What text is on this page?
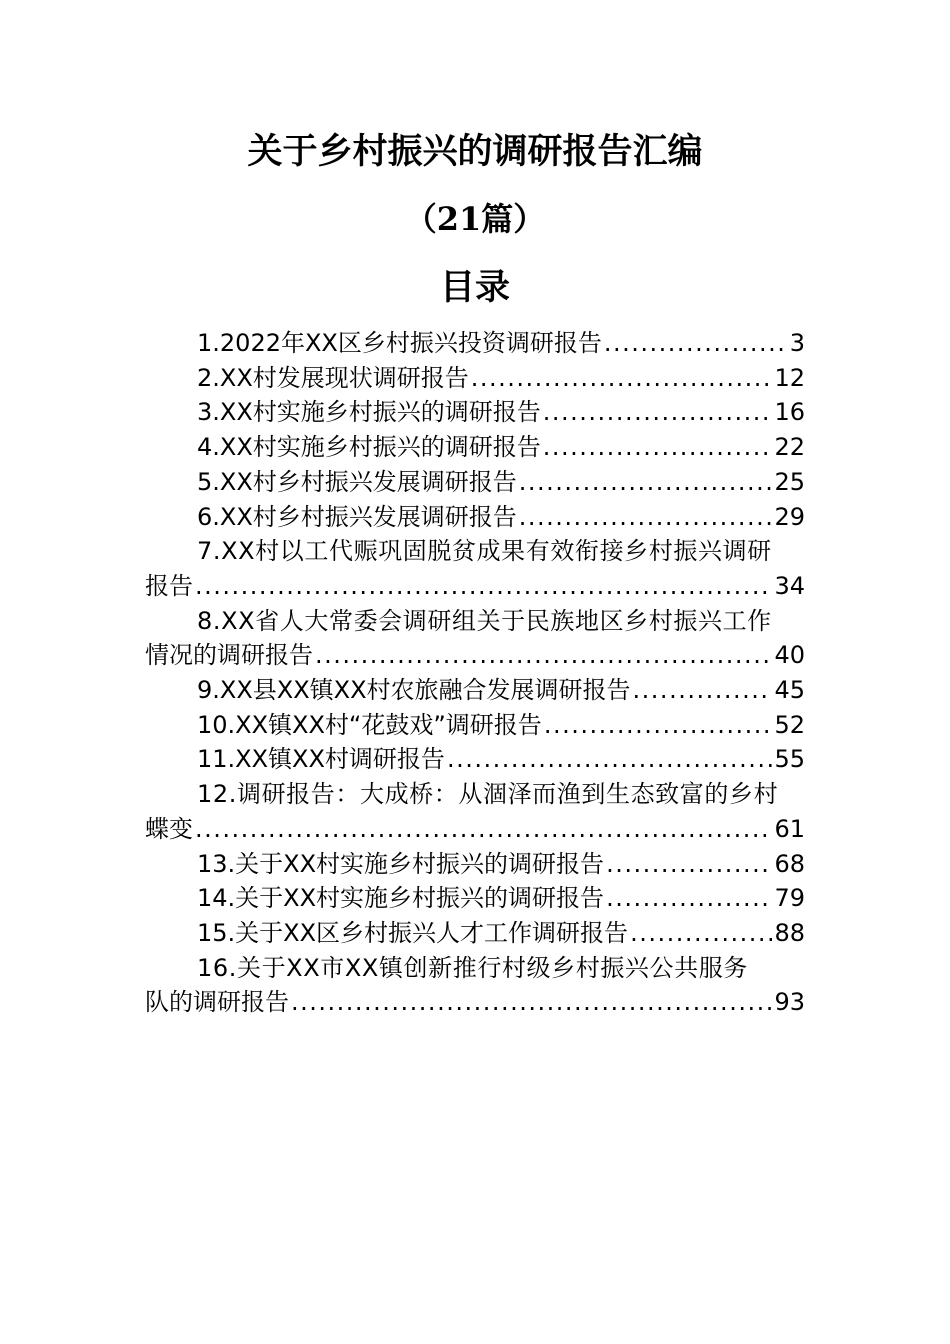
关于乡村振兴的调研报告汇编
（21篇）
目录
1.2022年XX区乡村振兴投资调研报告 .....	3
2.XX村发展现状调研报告 .....	12
3.XX村实施乡村振兴的调研报告 .....	16
4.XX村实施乡村振兴的调研报告 .....	22
5.XX村乡村振兴发展调研报告 .....	25
6.XX村乡村振兴发展调研报告 .....	29
7.XX村以工代赈巩固脱贫成果有效衔接乡村振兴调研
报告 .....	34
8.XX省人大常委会调研组关于民族地区乡村振兴工作
情况的调研报告 .....	40
9.XX县XX镇XX村农旅融合发展调研报告 .....	45
10.XX镇XX村“花鼓戏”调研报告 .....	52
11.XX镇XX村调研报告 .....	55
12.调研报告：大成桥：从涸泽而渔到生态致富的乡村
蝶变 .....	61
13.关于XX村实施乡村振兴的调研报告 .....	68
14.关于XX村实施乡村振兴的调研报告 .....	79
15.关于XX区乡村振兴人才工作调研报告 .....	88
16.关于XX市XX镇创新推行村级乡村振兴公共服务
队的调研报告 .....	93
